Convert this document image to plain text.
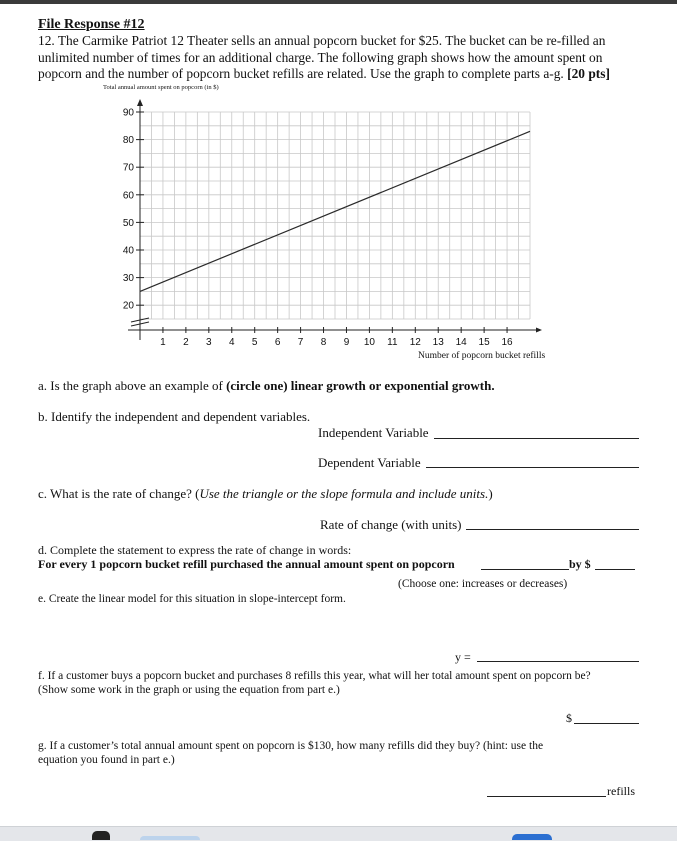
File Response #12
12. The Carmike Patriot 12 Theater sells an annual popcorn bucket for $25. The bucket can be re-filled an unlimited number of times for an additional charge. The following graph shows how the amount spent on popcorn and the number of popcorn bucket refills are related. Use the graph to complete parts a-g. [20 pts]
Total annual amount spent on popcorn (in $)
Number of popcorn bucket refills
20
30
40
50
60
70
80
90
1 2 3 4 5 6 7 8 9 10 11 12 13 14 15 16
a. Is the graph above an example of (circle one) linear growth or exponential growth.
b. Identify the independent and dependent variables.
Independent Variable
Dependent Variable
c. What is the rate of change? (Use the triangle or the slope formula and include units.)
Rate of change (with units)
d. Complete the statement to express the rate of change in words:
For every 1 popcorn bucket refill purchased the annual amount spent on popcorn	by $
(Choose one: increases or decreases)
e. Create the linear model for this situation in slope-intercept form.
y =
f. If a customer buys a popcorn bucket and purchases 8 refills this year, what will her total amount spent on popcorn be?
(Show some work in the graph or using the equation from part e.)
$
g. If a customer’s total annual amount spent on popcorn is $130, how many refills did they buy? (hint: use the
equation you found in part e.)
refills
